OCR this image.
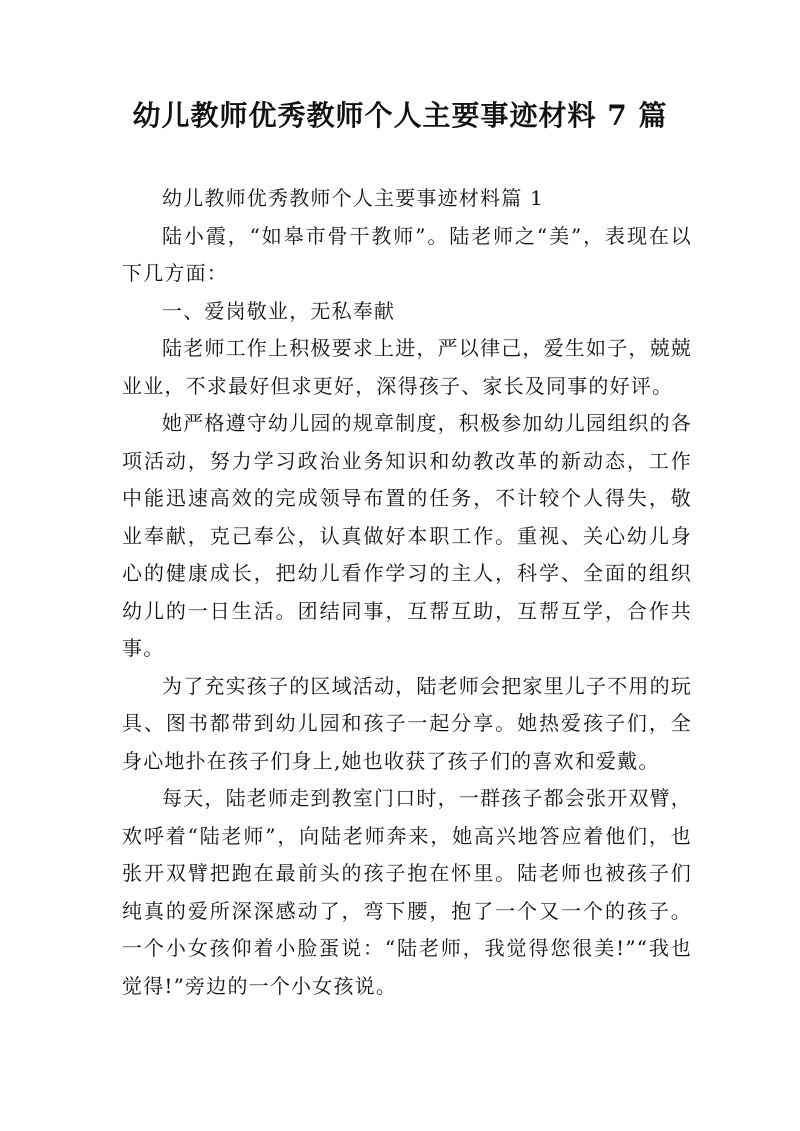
幼儿教师优秀教师个人主要事迹材料 7 篇

幼儿教师优秀教师个人主要事迹材料篇 1

陆小霞，“如皋市骨干教师”。陆老师之“美”，表现在以下几方面：

一、爱岗敬业，无私奉献

陆老师工作上积极要求上进，严以律己，爱生如子，兢兢业业，不求最好但求更好，深得孩子、家长及同事的好评。

她严格遵守幼儿园的规章制度，积极参加幼儿园组织的各项活动，努力学习政治业务知识和幼教改革的新动态，工作中能迅速高效的完成领导布置的任务，不计较个人得失，敬业奉献，克己奉公，认真做好本职工作。重视、关心幼儿身心的健康成长，把幼儿看作学习的主人，科学、全面的组织幼儿的一日生活。团结同事，互帮互助，互帮互学，合作共事。

为了充实孩子的区域活动，陆老师会把家里儿子不用的玩具、图书都带到幼儿园和孩子一起分享。她热爱孩子们，全身心地扑在孩子们身上,她也收获了孩子们的喜欢和爱戴。

每天，陆老师走到教室门口时，一群孩子都会张开双臂，欢呼着“陆老师”，向陆老师奔来，她高兴地答应着他们，也张开双臂把跑在最前头的孩子抱在怀里。陆老师也被孩子们纯真的爱所深深感动了，弯下腰，抱了一个又一个的孩子。一个小女孩仰着小脸蛋说：“陆老师，我觉得您很美!”“我也觉得!”旁边的一个小女孩说。
